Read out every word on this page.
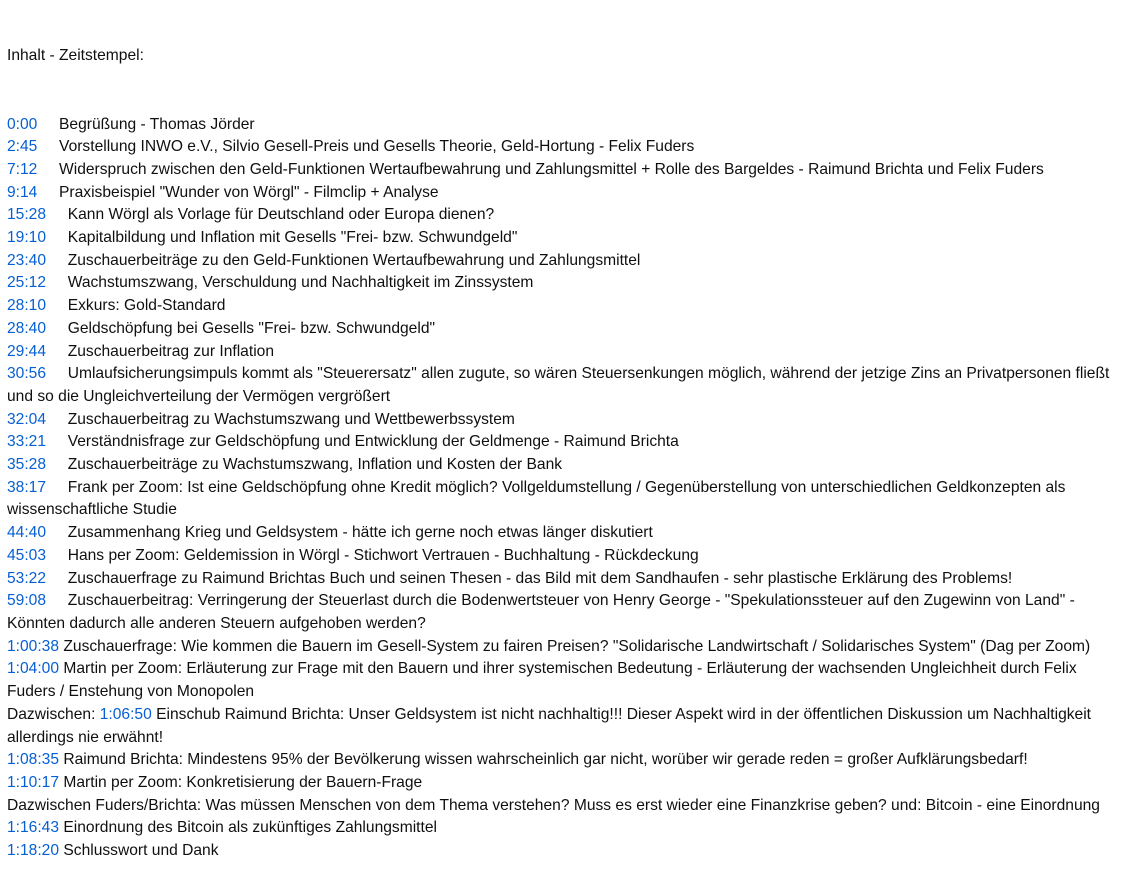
Inhalt - Zeitstempel:

0:00 Begrüßung - Thomas Jörder
2:45 Vorstellung INWO e.V., Silvio Gesell-Preis und Gesells Theorie, Geld-Hortung - Felix Fuders
7:12 Widerspruch zwischen den Geld-Funktionen Wertaufbewahrung und Zahlungsmittel + Rolle des Bargeldes - Raimund Brichta und Felix Fuders
9:14 Praxisbeispiel "Wunder von Wörgl" - Filmclip + Analyse
15:28 Kann Wörgl als Vorlage für Deutschland oder Europa dienen?
19:10 Kapitalbildung und Inflation mit Gesells "Frei- bzw. Schwundgeld"
23:40 Zuschauerbeiträge zu den Geld-Funktionen Wertaufbewahrung und Zahlungsmittel
25:12 Wachstumszwang, Verschuldung und Nachhaltigkeit im Zinssystem
28:10 Exkurs: Gold-Standard
28:40 Geldschöpfung bei Gesells "Frei- bzw. Schwundgeld"
29:44 Zuschauerbeitrag zur Inflation
30:56 Umlaufsicherungsimpuls kommt als "Steuerersatz" allen zugute, so wären Steuersenkungen möglich, während der jetzige Zins an Privatpersonen fließt und so die Ungleichverteilung der Vermögen vergrößert
32:04 Zuschauerbeitrag zu Wachstumszwang und Wettbewerbssystem
33:21 Verständnisfrage zur Geldschöpfung und Entwicklung der Geldmenge - Raimund Brichta
35:28 Zuschauerbeiträge zu Wachstumszwang, Inflation und Kosten der Bank
38:17 Frank per Zoom: Ist eine Geldschöpfung ohne Kredit möglich? Vollgeldumstellung / Gegenüberstellung von unterschiedlichen Geldkonzepten als wissenschaftliche Studie
44:40 Zusammenhang Krieg und Geldsystem - hätte ich gerne noch etwas länger diskutiert
45:03 Hans per Zoom: Geldemission in Wörgl - Stichwort Vertrauen - Buchhaltung - Rückdeckung
53:22 Zuschauerfrage zu Raimund Brichtas Buch und seinen Thesen - das Bild mit dem Sandhaufen - sehr plastische Erklärung des Problems!
59:08 Zuschauerbeitrag: Verringerung der Steuerlast durch die Bodenwertsteuer von Henry George - "Spekulationssteuer auf den Zugewinn von Land" - Könnten dadurch alle anderen Steuern aufgehoben werden?
1:00:38 Zuschauerfrage: Wie kommen die Bauern im Gesell-System zu fairen Preisen? "Solidarische Landwirtschaft / Solidarisches System" (Dag per Zoom)
1:04:00 Martin per Zoom: Erläuterung zur Frage mit den Bauern und ihrer systemischen Bedeutung - Erläuterung der wachsenden Ungleichheit durch Felix Fuders / Enstehung von Monopolen
Dazwischen: 1:06:50 Einschub Raimund Brichta: Unser Geldsystem ist nicht nachhaltig!!! Dieser Aspekt wird in der öffentlichen Diskussion um Nachhaltigkeit allerdings nie erwähnt!
1:08:35 Raimund Brichta: Mindestens 95% der Bevölkerung wissen wahrscheinlich gar nicht, worüber wir gerade reden = großer Aufklärungsbedarf!
1:10:17 Martin per Zoom: Konkretisierung der Bauern-Frage
Dazwischen Fuders/Brichta: Was müssen Menschen von dem Thema verstehen? Muss es erst wieder eine Finanzkrise geben? und: Bitcoin - eine Einordnung
1:16:43 Einordnung des Bitcoin als zukünftiges Zahlungsmittel
1:18:20 Schlusswort und Dank
